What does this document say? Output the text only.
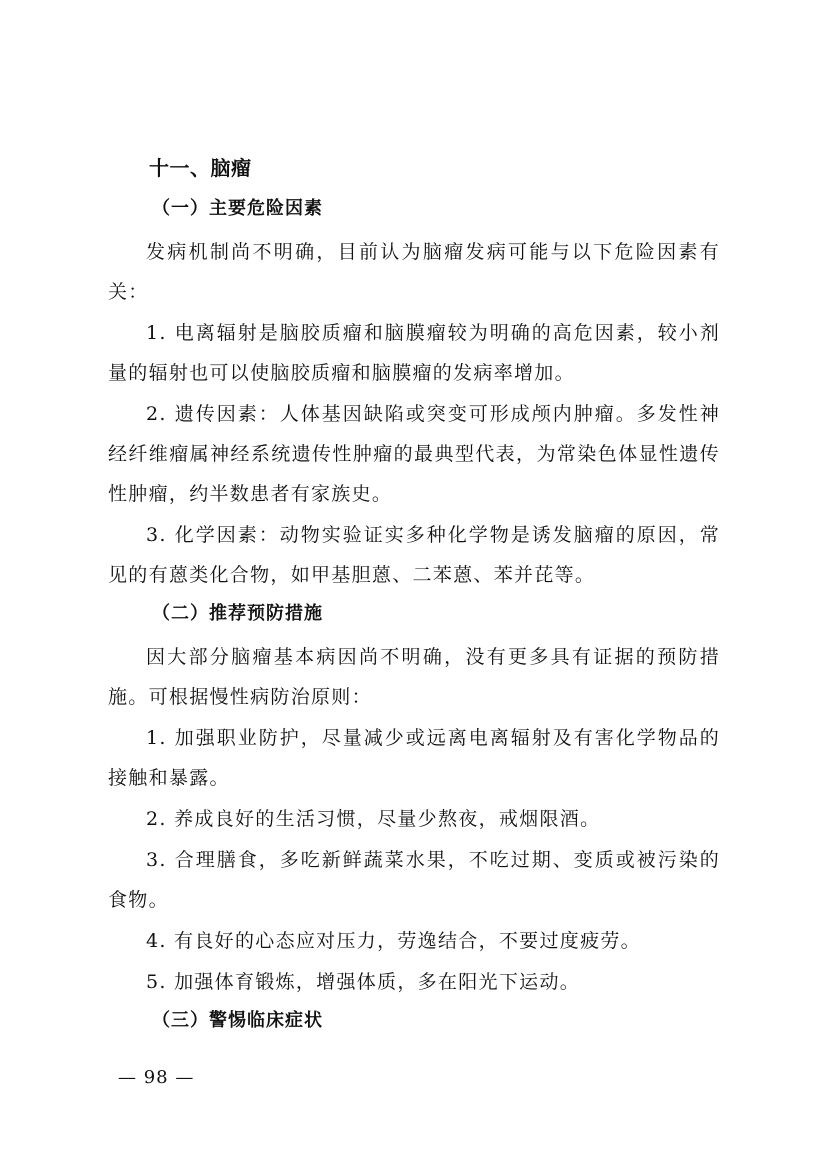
十一、脑瘤
（一）主要危险因素

发病机制尚不明确，目前认为脑瘤发病可能与以下危险因素有关：

1. 电离辐射是脑胶质瘤和脑膜瘤较为明确的高危因素，较小剂量的辐射也可以使脑胶质瘤和脑膜瘤的发病率增加。

2. 遗传因素：人体基因缺陷或突变可形成颅内肿瘤。多发性神经纤维瘤属神经系统遗传性肿瘤的最典型代表，为常染色体显性遗传性肿瘤，约半数患者有家族史。

3. 化学因素：动物实验证实多种化学物是诱发脑瘤的原因，常见的有蒽类化合物，如甲基胆蒽、二苯蒽、苯并芘等。

（二）推荐预防措施

因大部分脑瘤基本病因尚不明确，没有更多具有证据的预防措施。可根据慢性病防治原则：

1. 加强职业防护，尽量减少或远离电离辐射及有害化学物品的接触和暴露。

2. 养成良好的生活习惯，尽量少熬夜，戒烟限酒。

3. 合理膳食，多吃新鲜蔬菜水果，不吃过期、变质或被污染的食物。

4. 有良好的心态应对压力，劳逸结合，不要过度疲劳。

5. 加强体育锻炼，增强体质，多在阳光下运动。

（三）警惕临床症状
— 98 —
